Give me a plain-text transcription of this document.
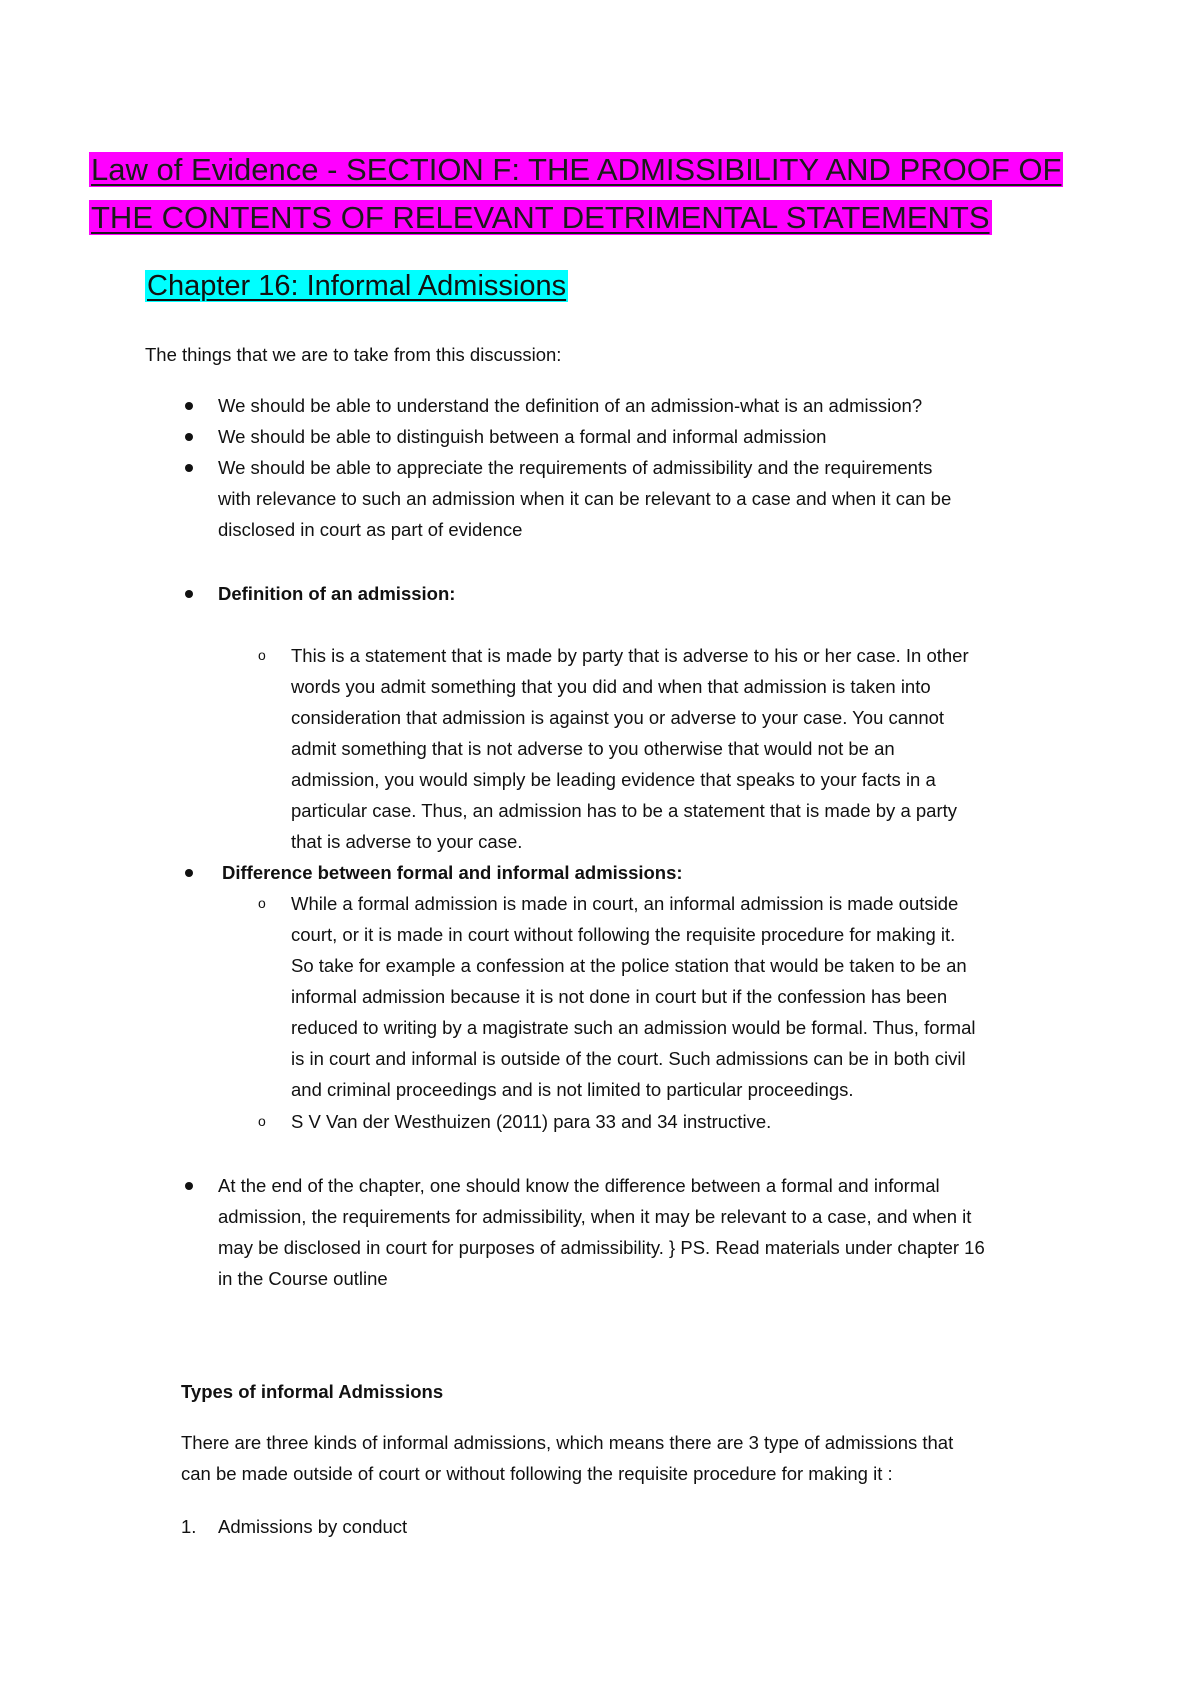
Law of Evidence - SECTION F: THE ADMISSIBILITY AND PROOF OF
THE CONTENTS OF RELEVANT DETRIMENTAL STATEMENTS
Chapter 16: Informal Admissions
The things that we are to take from this discussion:
We should be able to understand the definition of an admission-what is an admission?
We should be able to distinguish between a formal and informal admission
We should be able to appreciate the requirements of admissibility and the requirements
with relevance to such an admission when it can be relevant to a case and when it can be
disclosed in court as part of evidence
Definition of an admission:
o This is a statement that is made by party that is adverse to his or her case. In other
words you admit something that you did and when that admission is taken into
consideration that admission is against you or adverse to your case. You cannot
admit something that is not adverse to you otherwise that would not be an
admission, you would simply be leading evidence that speaks to your facts in a
particular case. Thus, an admission has to be a statement that is made by a party
that is adverse to your case.
Difference between formal and informal admissions:
o While a formal admission is made in court, an informal admission is made outside
court, or it is made in court without following the requisite procedure for making it.
So take for example a confession at the police station that would be taken to be an
informal admission because it is not done in court but if the confession has been
reduced to writing by a magistrate such an admission would be formal. Thus, formal
is in court and informal is outside of the court. Such admissions can be in both civil
and criminal proceedings and is not limited to particular proceedings.
o S V Van der Westhuizen (2011) para 33 and 34 instructive.
At the end of the chapter, one should know the difference between a formal and informal
admission, the requirements for admissibility, when it may be relevant to a case, and when it
may be disclosed in court for purposes of admissibility. } PS. Read materials under chapter 16
in the Course outline
Types of informal Admissions
There are three kinds of informal admissions, which means there are 3 type of admissions that
can be made outside of court or without following the requisite procedure for making it :
1. Admissions by conduct
